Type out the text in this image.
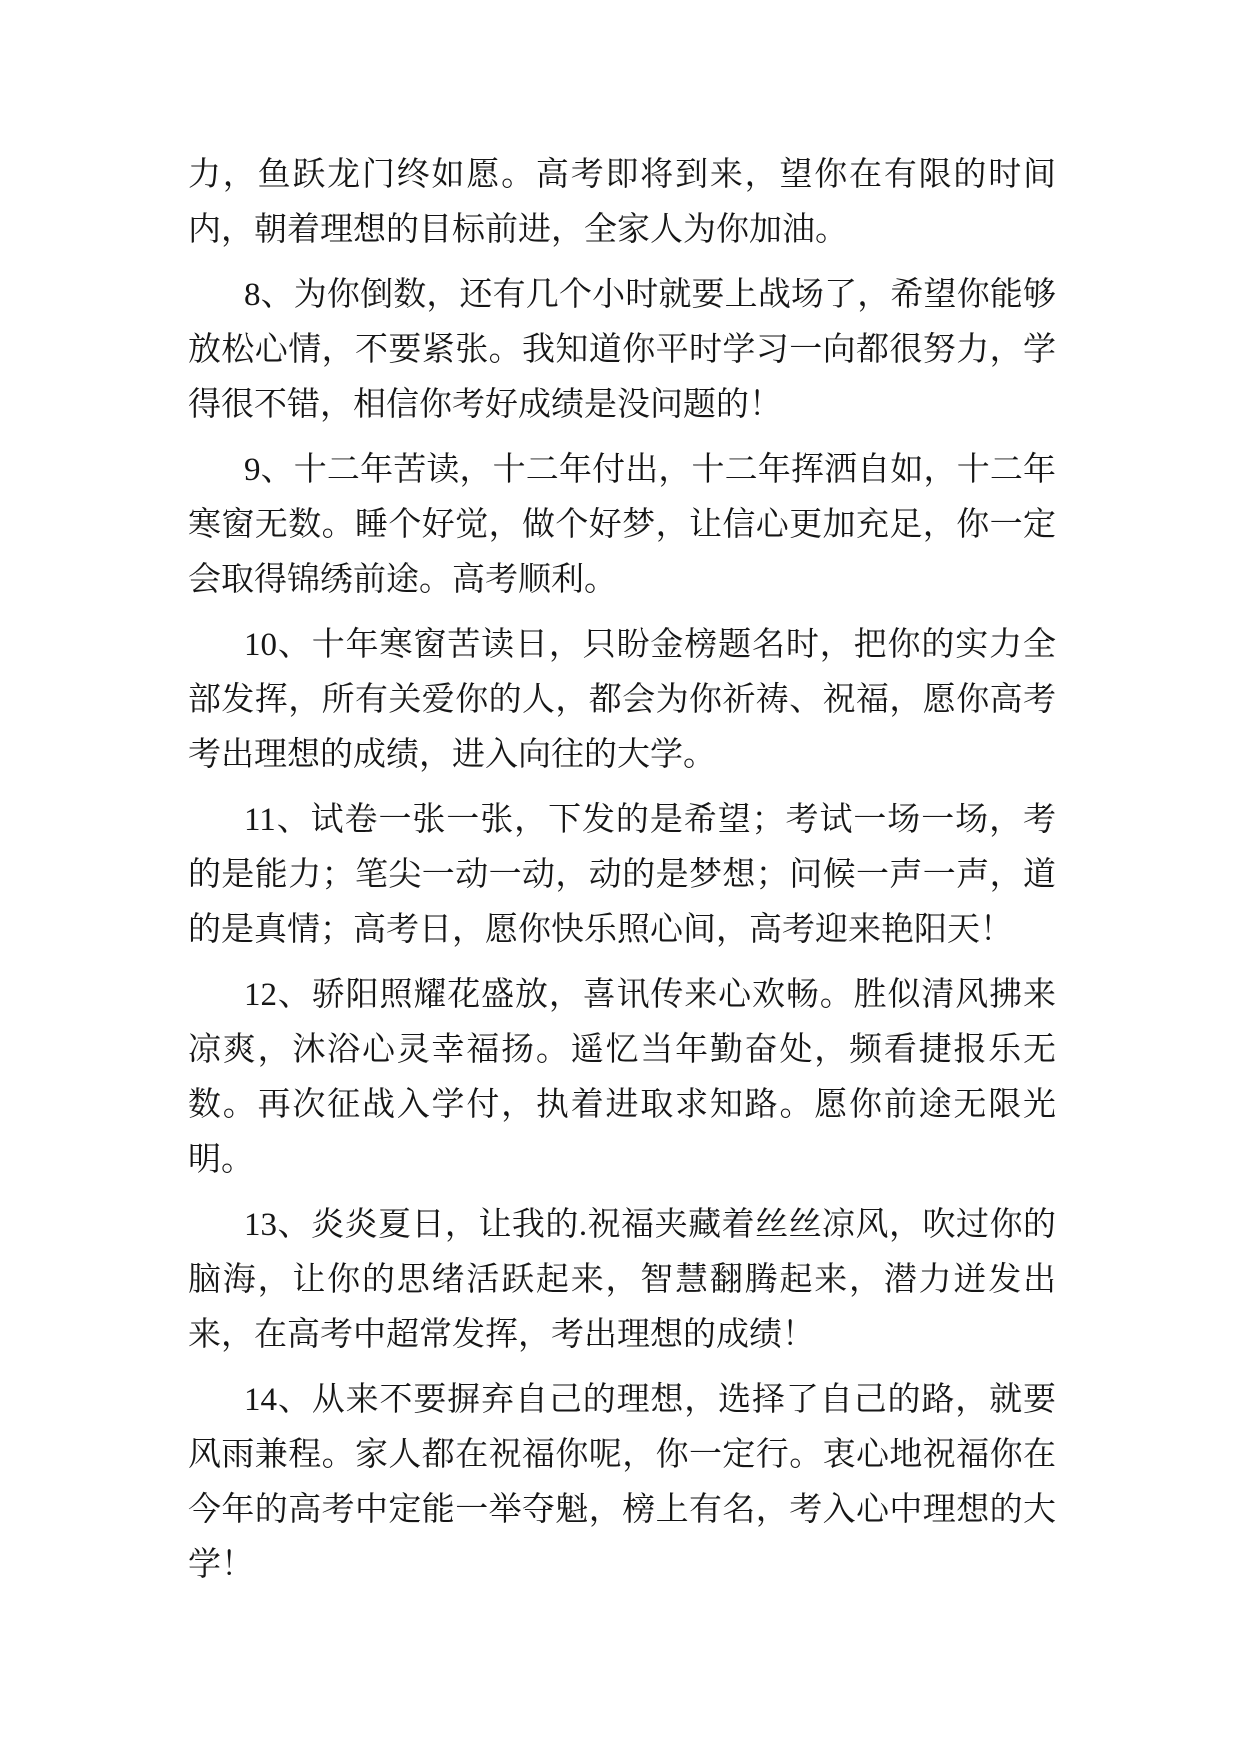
力，鱼跃龙门终如愿。高考即将到来，望你在有限的时间内，朝着理想的目标前进，全家人为你加油。

8、为你倒数，还有几个小时就要上战场了，希望你能够放松心情，不要紧张。我知道你平时学习一向都很努力，学得很不错，相信你考好成绩是没问题的！

9、十二年苦读，十二年付出，十二年挥洒自如，十二年寒窗无数。睡个好觉，做个好梦，让信心更加充足，你一定会取得锦绣前途。高考顺利。

10、十年寒窗苦读日，只盼金榜题名时，把你的实力全部发挥，所有关爱你的人，都会为你祈祷、祝福，愿你高考考出理想的成绩，进入向往的大学。

11、试卷一张一张，下发的是希望；考试一场一场，考的是能力；笔尖一动一动，动的是梦想；问候一声一声，道的是真情；高考日，愿你快乐照心间，高考迎来艳阳天！

12、骄阳照耀花盛放，喜讯传来心欢畅。胜似清风拂来凉爽，沐浴心灵幸福扬。遥忆当年勤奋处，频看捷报乐无数。再次征战入学付，执着进取求知路。愿你前途无限光明。

13、炎炎夏日，让我的.祝福夹藏着丝丝凉风，吹过你的脑海，让你的思绪活跃起来，智慧翻腾起来，潜力迸发出来，在高考中超常发挥，考出理想的成绩！

14、从来不要摒弃自己的理想，选择了自己的路，就要风雨兼程。家人都在祝福你呢，你一定行。衷心地祝福你在今年的高考中定能一举夺魁，榜上有名，考入心中理想的大学！
